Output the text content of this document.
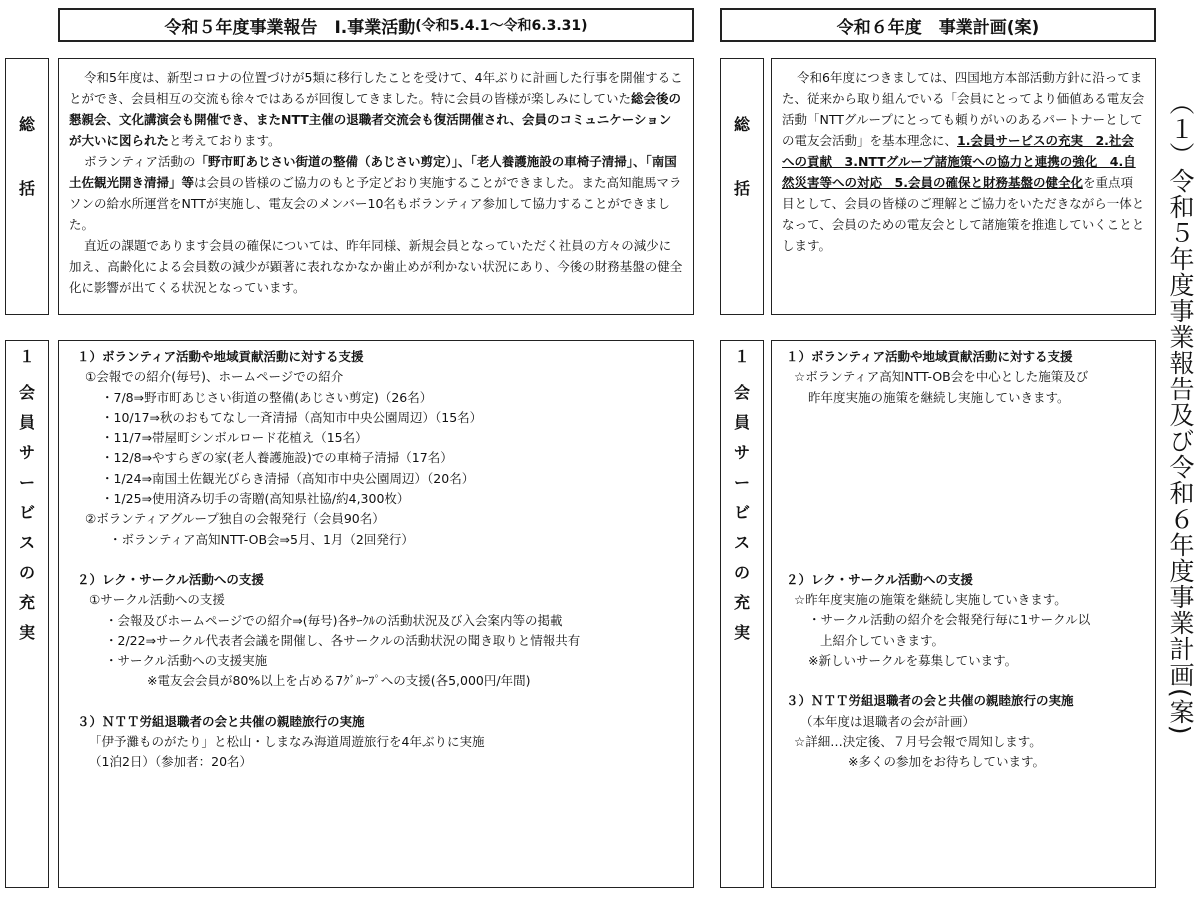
令和５年度事業報告　Ⅰ.事業活動 (令和5.4.1～令和6.3.31)	令和６年度　事業計画(案)
総
括

令和5年度は、新型コロナの位置づけが5類に移行したことを受けて、4年ぶりに計画した行事を開催することができ、会員相互の交流も徐々ではあるが回復してきました。特に会員の皆様が楽しみにしていた総会後の懇親会、文化講演会も開催でき、またNTT主催の退職者交流会も復活開催され、会員のコミュニケーションが大いに図られたと考えております。

ボランティア活動の「野市町あじさい街道の整備（あじさい剪定）」、「老人養護施設の車椅子清掃」、「南国土佐観光開き清掃」等は会員の皆様のご協力のもと予定どおり実施することができました。また高知龍馬マラソンの給水所運営をNTTが実施し、電友会のメンバー10名もボランティア参加して協力することができました。

直近の課題であります会員の確保については、昨年同様、新規会員となっていただく社員の方々の減少に加え、高齢化による会員数の減少が顕著に表れなかなか歯止めが利かない状況にあり、今後の財務基盤の健全化に影響が出てくる状況となっています。

総
括

令和6年度につきましては、四国地方本部活動方針に沿ってまた、従来から取り組んでいる「会員にとってより価値ある電友会活動「NTTグループにとっても頼りがいのあるパートナーとしての電友会活動」を基本理念に、1.会員サービスの充実　2.社会への貢献　3.NTTグループ諸施策への協力と連携の強化　4.自然災害等への対応　5.会員の確保と財務基盤の健全化を重点項目として、会員の皆様のご理解とご協力をいただきながら一体となって、会員のための電友会として諸施策を推進していくこととします。

１
会
員
サ
ー
ビ
ス
の
充
実
１）ボランティア活動や地域貢献活動に対する支援
①会報での紹介(毎号)、ホームページでの紹介
・7/8⇒野市町あじさい街道の整備(あじさい剪定)（26名）
・10/17⇒秋のおもてなし一斉清掃（高知市中央公園周辺）（15名）
・11/7⇒帯屋町シンボルロード花植え（15名）
・12/8⇒やすらぎの家(老人養護施設)での車椅子清掃（17名）
・1/24⇒南国土佐観光びらき清掃（高知市中央公園周辺）（20名）
・1/25⇒使用済み切手の寄贈(高知県社協/約4,300枚）
②ボランティアグループ独自の会報発行（会員90名）
・ボランティア高知NTT-OB会⇒5月、1月（2回発行）
２）レク・サークル活動への支援
①サークル活動への支援
・会報及びホームページでの紹介⇒(毎号)各ｻｰｸﾙの活動状況及び入会案内等の掲載
・2/22⇒サークル代表者会議を開催し、各サークルの活動状況の聞き取りと情報共有
・サークル活動への支援実施
※電友会会員が80%以上を占める7ｸﾞﾙｰﾌﾟへの支援(各5,000円/年間)
３）ＮＴＴ労組退職者の会と共催の親睦旅行の実施
「伊予灘ものがたり」と松山・しまなみ海道周遊旅行を4年ぶりに実施
（1泊2日）（参加者：20名）
１
会
員
サ
ー
ビ
ス
の
充
実
１）ボランティア活動や地域貢献活動に対する支援
☆ボランティア高知NTT-OB会を中心とした施策及び
昨年度実施の施策を継続し実施していきます。
２）レク・サークル活動への支援
☆昨年度実施の施策を継続し実施していきます。
・サークル活動の紹介を会報発行毎に1サークル以
上紹介していきます。
※新しいサークルを募集しています。
３）ＮＴＴ労組退職者の会と共催の親睦旅行の実施
（本年度は退職者の会が計画）
☆詳細…決定後、７月号会報で周知します。
※多くの参加をお待ちしています。
（１）令和５年度事業報告及び令和６年度事業計画(案)
